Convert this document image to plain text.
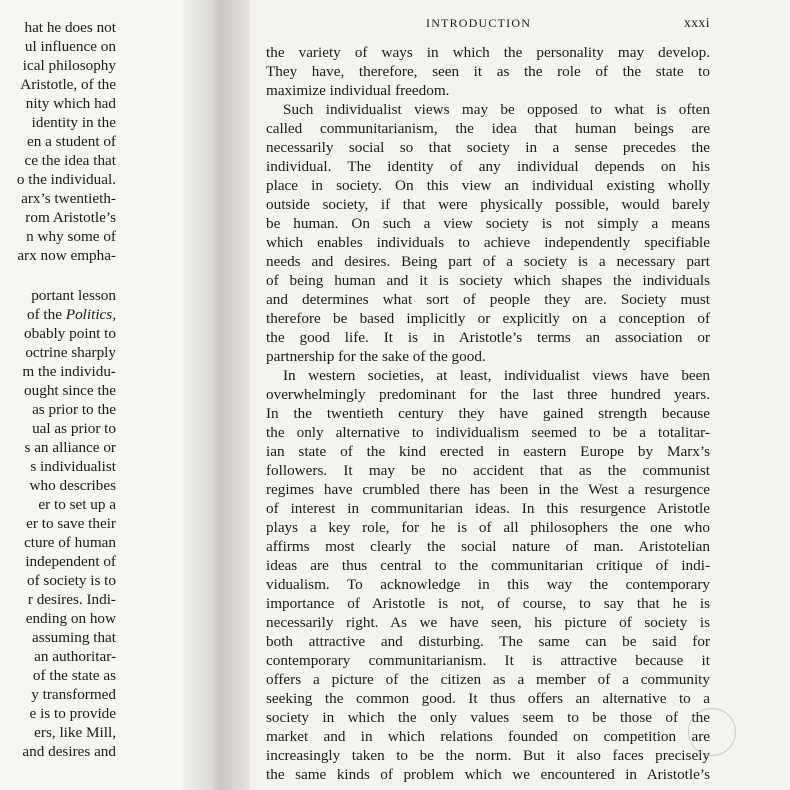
hat he does not
ul influence on
ical philosophy
Aristotle, of the
nity which had
identity in the
en a student of
ce the idea that
o the individual.
arx’s twentieth-
rom Aristotle’s
n why some of
arx now empha-
portant lesson
of the Politics,
obably point to
octrine sharply
m the individu-
ought since the
as prior to the
ual as prior to
s an alliance or
s individualist
who describes
er to set up a
er to save their
cture of human
independent of
of society is to
r desires. Indi-
ending on how
assuming that
an authoritar-
of the state as
y transformed
e is to provide
ers, like Mill,
and desires and
INTRODUCTION	xxxi
the variety of ways in which the personality may develop.
They have, therefore, seen it as the role of the state to
maximize individual freedom.
Such individualist views may be opposed to what is often
called communitarianism, the idea that human beings are
necessarily social so that society in a sense precedes the
individual. The identity of any individual depends on his
place in society. On this view an individual existing wholly
outside society, if that were physically possible, would barely
be human. On such a view society is not simply a means
which enables individuals to achieve independently specifiable
needs and desires. Being part of a society is a necessary part
of being human and it is society which shapes the individuals
and determines what sort of people they are. Society must
therefore be based implicitly or explicitly on a conception of
the good life. It is in Aristotle’s terms an association or
partnership for the sake of the good.
In western societies, at least, individualist views have been
overwhelmingly predominant for the last three hundred years.
In the twentieth century they have gained strength because
the only alternative to individualism seemed to be a totalitar-
ian state of the kind erected in eastern Europe by Marx’s
followers. It may be no accident that as the communist
regimes have crumbled there has been in the West a resurgence
of interest in communitarian ideas. In this resurgence Aristotle
plays a key role, for he is of all philosophers the one who
affirms most clearly the social nature of man. Aristotelian
ideas are thus central to the communitarian critique of indi-
vidualism. To acknowledge in this way the contemporary
importance of Aristotle is not, of course, to say that he is
necessarily right. As we have seen, his picture of society is
both attractive and disturbing. The same can be said for
contemporary communitarianism. It is attractive because it
offers a picture of the citizen as a member of a community
seeking the common good. It thus offers an alternative to a
society in which the only values seem to be those of the
market and in which relations founded on competition are
increasingly taken to be the norm. But it also faces precisely
the same kinds of problem which we encountered in Aristotle’s
